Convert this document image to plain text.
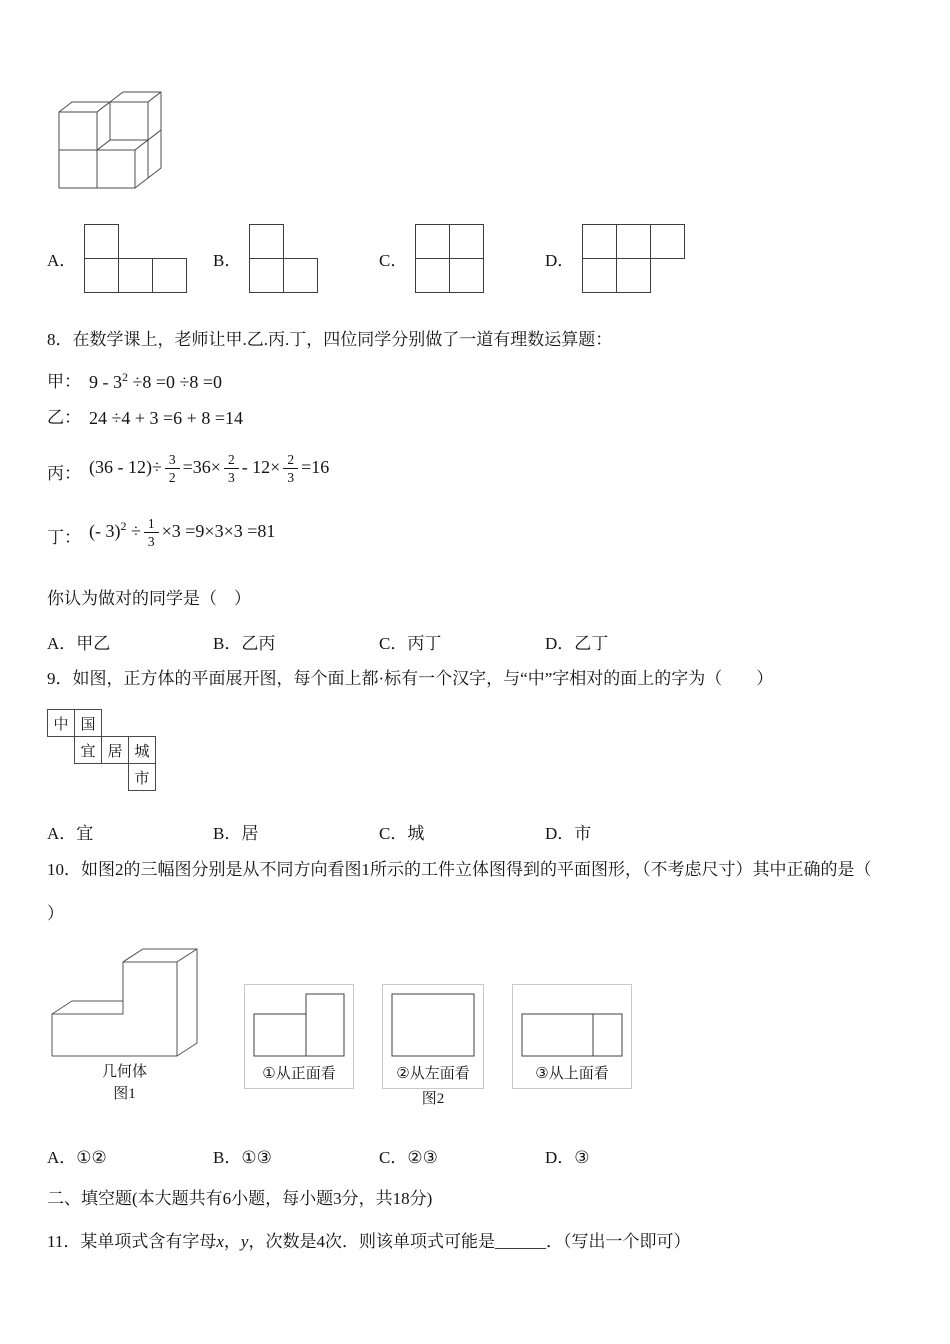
A．	B．	C．	D．

8．在数学课上，老师让甲.乙.丙.丁，四位同学分别做了一道有理数运算题：

甲： $9 - 3^2 \div 8 =0 \div 8 =0$
乙： 24 ÷4 + 3 =6 + 8 =14
丙： $(36 - 12)\div \frac{3}{2} =36\times \frac{2}{3} - 12\times \frac{2}{3} =16$
丁： (- $3)^2 \div \frac{1}{3} \times 3 =9\times 3\times 3 =81$

你认为做对的同学是（　）

A．甲乙	B．乙丙	C．丙丁	D．乙丁

9．如图，正方体的平面展开图，每个面上都·标有一个汉字，与“中”字相对的面上的字为（　　）

中 国
宜 居 城
市
A．宜	B．居	C．城	D．市

10．如图2的三幅图分别是从不同方向看图1所示的工件立体图得到的平面图形，（不考虑尺寸）其中正确的是（

）

几何体
图1
①从正面看	②从左面看
图2
③从上面看
A．①②	B．①③	C．②③	D．③

二、填空题(本大题共有6小题，每小题3分，共18分)

11．某单项式含有字母x，y，次数是4次．则该单项式可能是______．（写出一个即可）
